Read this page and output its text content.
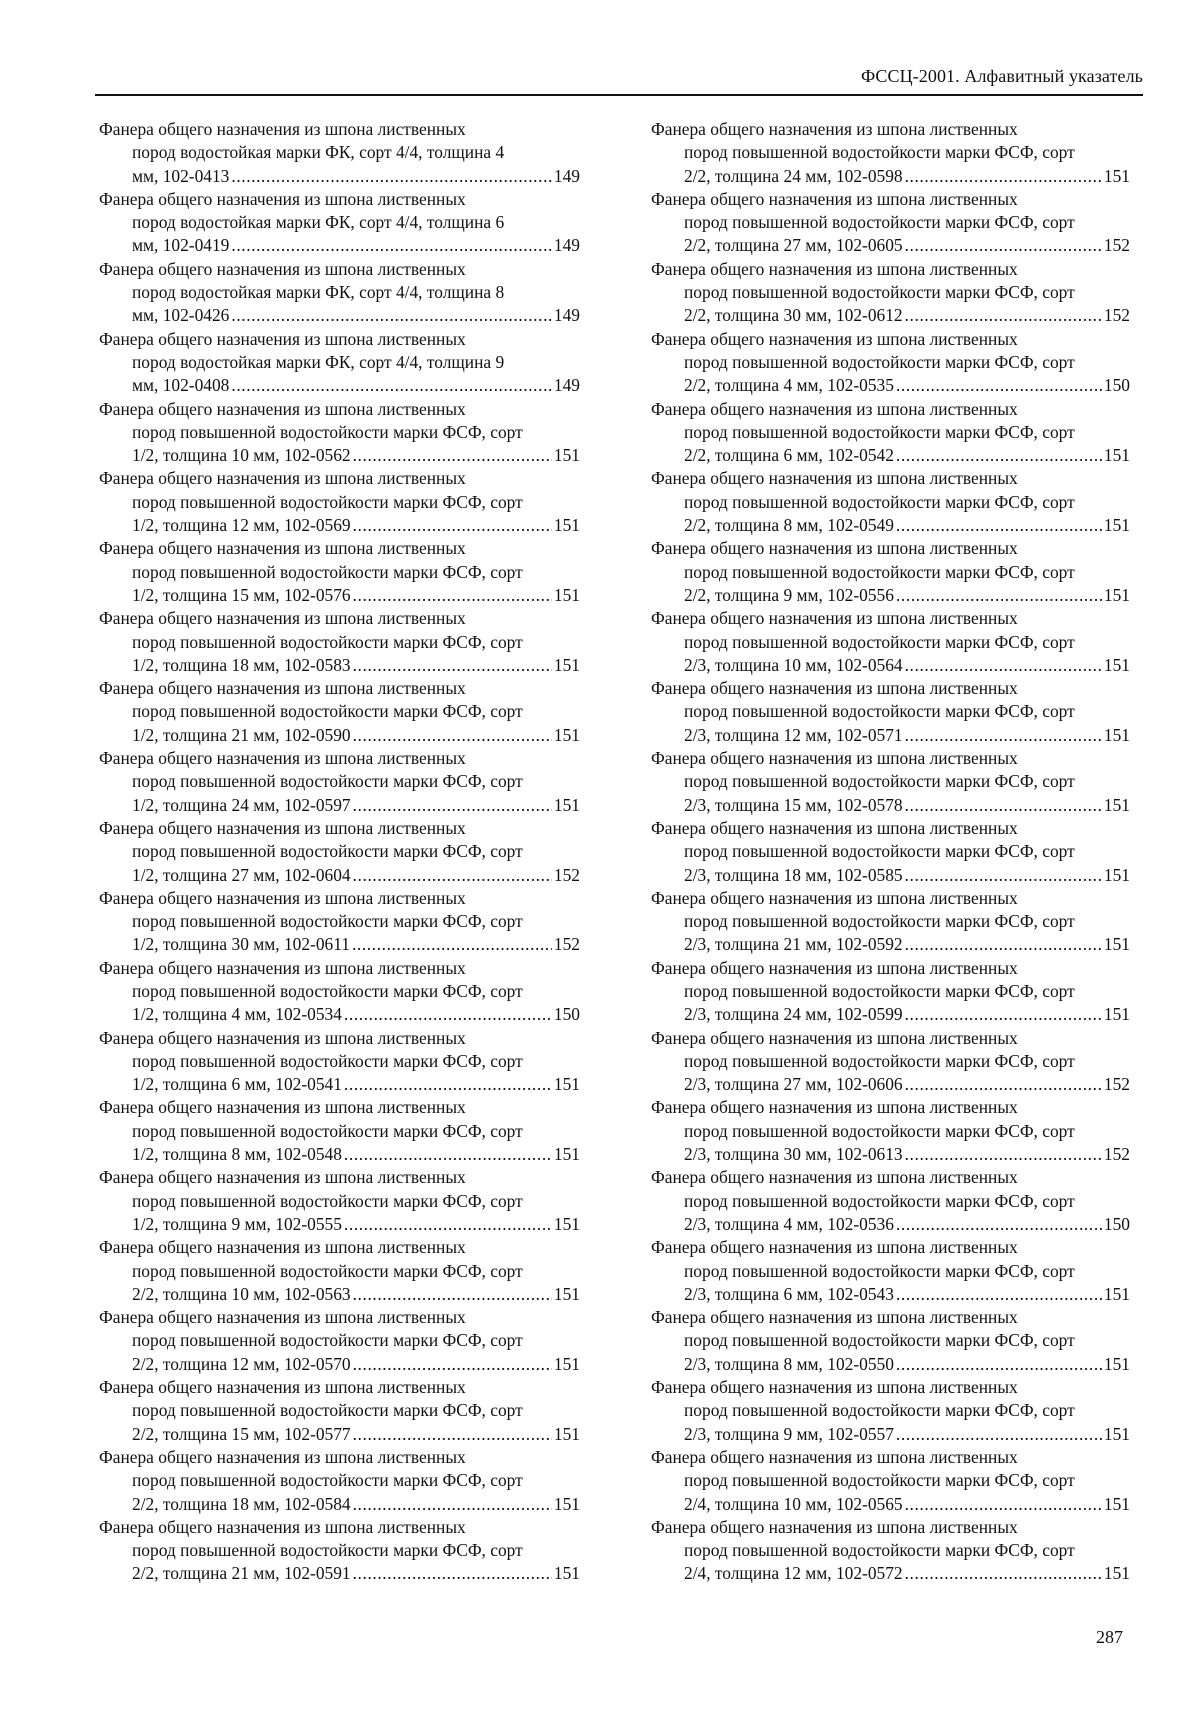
ФССЦ-2001. Алфавитный указатель
Фанера общего назначения из шпона лиственных
пород водостойкая марки ФК, сорт 4/4, толщина 4
мм, 102-0413 .....	149
Фанера общего назначения из шпона лиственных
пород водостойкая марки ФК, сорт 4/4, толщина 6
мм, 102-0419 .....	149
Фанера общего назначения из шпона лиственных
пород водостойкая марки ФК, сорт 4/4, толщина 8
мм, 102-0426 .....	149
Фанера общего назначения из шпона лиственных
пород водостойкая марки ФК, сорт 4/4, толщина 9
мм, 102-0408 .....	149
Фанера общего назначения из шпона лиственных
пород повышенной водостойкости марки ФСФ, сорт
1/2, толщина 10 мм, 102-0562 .....	151
Фанера общего назначения из шпона лиственных
пород повышенной водостойкости марки ФСФ, сорт
1/2, толщина 12 мм, 102-0569 .....	151
Фанера общего назначения из шпона лиственных
пород повышенной водостойкости марки ФСФ, сорт
1/2, толщина 15 мм, 102-0576 .....	151
Фанера общего назначения из шпона лиственных
пород повышенной водостойкости марки ФСФ, сорт
1/2, толщина 18 мм, 102-0583 .....	151
Фанера общего назначения из шпона лиственных
пород повышенной водостойкости марки ФСФ, сорт
1/2, толщина 21 мм, 102-0590 .....	151
Фанера общего назначения из шпона лиственных
пород повышенной водостойкости марки ФСФ, сорт
1/2, толщина 24 мм, 102-0597 .....	151
Фанера общего назначения из шпона лиственных
пород повышенной водостойкости марки ФСФ, сорт
1/2, толщина 27 мм, 102-0604 .....	152
Фанера общего назначения из шпона лиственных
пород повышенной водостойкости марки ФСФ, сорт
1/2, толщина 30 мм, 102-0611 .....	152
Фанера общего назначения из шпона лиственных
пород повышенной водостойкости марки ФСФ, сорт
1/2, толщина 4 мм, 102-0534 .....	150
Фанера общего назначения из шпона лиственных
пород повышенной водостойкости марки ФСФ, сорт
1/2, толщина 6 мм, 102-0541 .....	151
Фанера общего назначения из шпона лиственных
пород повышенной водостойкости марки ФСФ, сорт
1/2, толщина 8 мм, 102-0548 .....	151
Фанера общего назначения из шпона лиственных
пород повышенной водостойкости марки ФСФ, сорт
1/2, толщина 9 мм, 102-0555 .....	151
Фанера общего назначения из шпона лиственных
пород повышенной водостойкости марки ФСФ, сорт
2/2, толщина 10 мм, 102-0563 .....	151
Фанера общего назначения из шпона лиственных
пород повышенной водостойкости марки ФСФ, сорт
2/2, толщина 12 мм, 102-0570 .....	151
Фанера общего назначения из шпона лиственных
пород повышенной водостойкости марки ФСФ, сорт
2/2, толщина 15 мм, 102-0577 .....	151
Фанера общего назначения из шпона лиственных
пород повышенной водостойкости марки ФСФ, сорт
2/2, толщина 18 мм, 102-0584 .....	151
Фанера общего назначения из шпона лиственных
пород повышенной водостойкости марки ФСФ, сорт
2/2, толщина 21 мм, 102-0591 .....	151
Фанера общего назначения из шпона лиственных
пород повышенной водостойкости марки ФСФ, сорт
2/2, толщина 24 мм, 102-0598 .....	151
Фанера общего назначения из шпона лиственных
пород повышенной водостойкости марки ФСФ, сорт
2/2, толщина 27 мм, 102-0605 .....	152
Фанера общего назначения из шпона лиственных
пород повышенной водостойкости марки ФСФ, сорт
2/2, толщина 30 мм, 102-0612 .....	152
Фанера общего назначения из шпона лиственных
пород повышенной водостойкости марки ФСФ, сорт
2/2, толщина 4 мм, 102-0535 .....	150
Фанера общего назначения из шпона лиственных
пород повышенной водостойкости марки ФСФ, сорт
2/2, толщина 6 мм, 102-0542 .....	151
Фанера общего назначения из шпона лиственных
пород повышенной водостойкости марки ФСФ, сорт
2/2, толщина 8 мм, 102-0549 .....	151
Фанера общего назначения из шпона лиственных
пород повышенной водостойкости марки ФСФ, сорт
2/2, толщина 9 мм, 102-0556 .....	151
Фанера общего назначения из шпона лиственных
пород повышенной водостойкости марки ФСФ, сорт
2/3, толщина 10 мм, 102-0564 .....	151
Фанера общего назначения из шпона лиственных
пород повышенной водостойкости марки ФСФ, сорт
2/3, толщина 12 мм, 102-0571 .....	151
Фанера общего назначения из шпона лиственных
пород повышенной водостойкости марки ФСФ, сорт
2/3, толщина 15 мм, 102-0578 .....	151
Фанера общего назначения из шпона лиственных
пород повышенной водостойкости марки ФСФ, сорт
2/3, толщина 18 мм, 102-0585 .....	151
Фанера общего назначения из шпона лиственных
пород повышенной водостойкости марки ФСФ, сорт
2/3, толщина 21 мм, 102-0592 .....	151
Фанера общего назначения из шпона лиственных
пород повышенной водостойкости марки ФСФ, сорт
2/3, толщина 24 мм, 102-0599 .....	151
Фанера общего назначения из шпона лиственных
пород повышенной водостойкости марки ФСФ, сорт
2/3, толщина 27 мм, 102-0606 .....	152
Фанера общего назначения из шпона лиственных
пород повышенной водостойкости марки ФСФ, сорт
2/3, толщина 30 мм, 102-0613 .....	152
Фанера общего назначения из шпона лиственных
пород повышенной водостойкости марки ФСФ, сорт
2/3, толщина 4 мм, 102-0536 .....	150
Фанера общего назначения из шпона лиственных
пород повышенной водостойкости марки ФСФ, сорт
2/3, толщина 6 мм, 102-0543 .....	151
Фанера общего назначения из шпона лиственных
пород повышенной водостойкости марки ФСФ, сорт
2/3, толщина 8 мм, 102-0550 .....	151
Фанера общего назначения из шпона лиственных
пород повышенной водостойкости марки ФСФ, сорт
2/3, толщина 9 мм, 102-0557 .....	151
Фанера общего назначения из шпона лиственных
пород повышенной водостойкости марки ФСФ, сорт
2/4, толщина 10 мм, 102-0565 .....	151
Фанера общего назначения из шпона лиственных
пород повышенной водостойкости марки ФСФ, сорт
2/4, толщина 12 мм, 102-0572 .....	151
287
